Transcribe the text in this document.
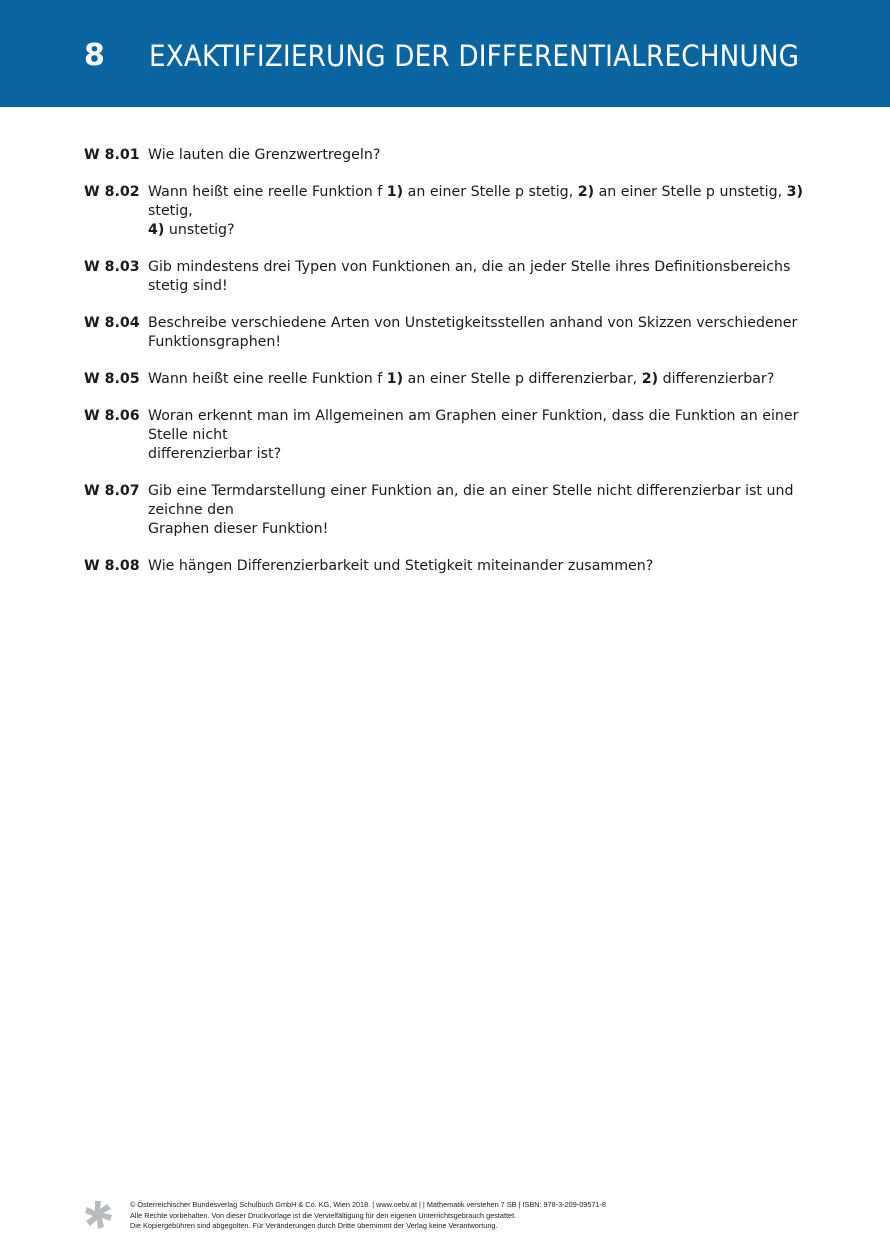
8 EXAKTIFIZIERUNG DER DIFFERENTIALRECHNUNG
W 8.01 Wie lauten die Grenzwertregeln?
W 8.02 Wann heißt eine reelle Funktion f 1) an einer Stelle p stetig, 2) an einer Stelle p unstetig, 3) stetig,
4) unstetig?
W 8.03 Gib mindestens drei Typen von Funktionen an, die an jeder Stelle ihres Definitionsbereichs stetig sind!
W 8.04 Beschreibe verschiedene Arten von Unstetigkeitsstellen anhand von Skizzen verschiedener
Funktionsgraphen!
W 8.05 Wann heißt eine reelle Funktion f 1) an einer Stelle p differenzierbar, 2) differenzierbar?
W 8.06 Woran erkennt man im Allgemeinen am Graphen einer Funktion, dass die Funktion an einer Stelle nicht
differenzierbar ist?
W 8.07 Gib eine Termdarstellung einer Funktion an, die an einer Stelle nicht differenzierbar ist und zeichne den
Graphen dieser Funktion!
W 8.08 Wie hängen Differenzierbarkeit und Stetigkeit miteinander zusammen?
© Österreichischer Bundesverlag Schulbuch GmbH & Co. KG, Wien 2018. | www.oebv.at | | Mathematik verstehen 7 SB | ISBN: 978-3-209-09571-8
Alle Rechte vorbehalten. Von dieser Druckvorlage ist die Vervielfältigung für den eigenen Unterrichtsgebrauch gestattet.
Die Kopiergebühren sind abgegolten. Für Veränderungen durch Dritte übernimmt der Verlag keine Verantwortung.
